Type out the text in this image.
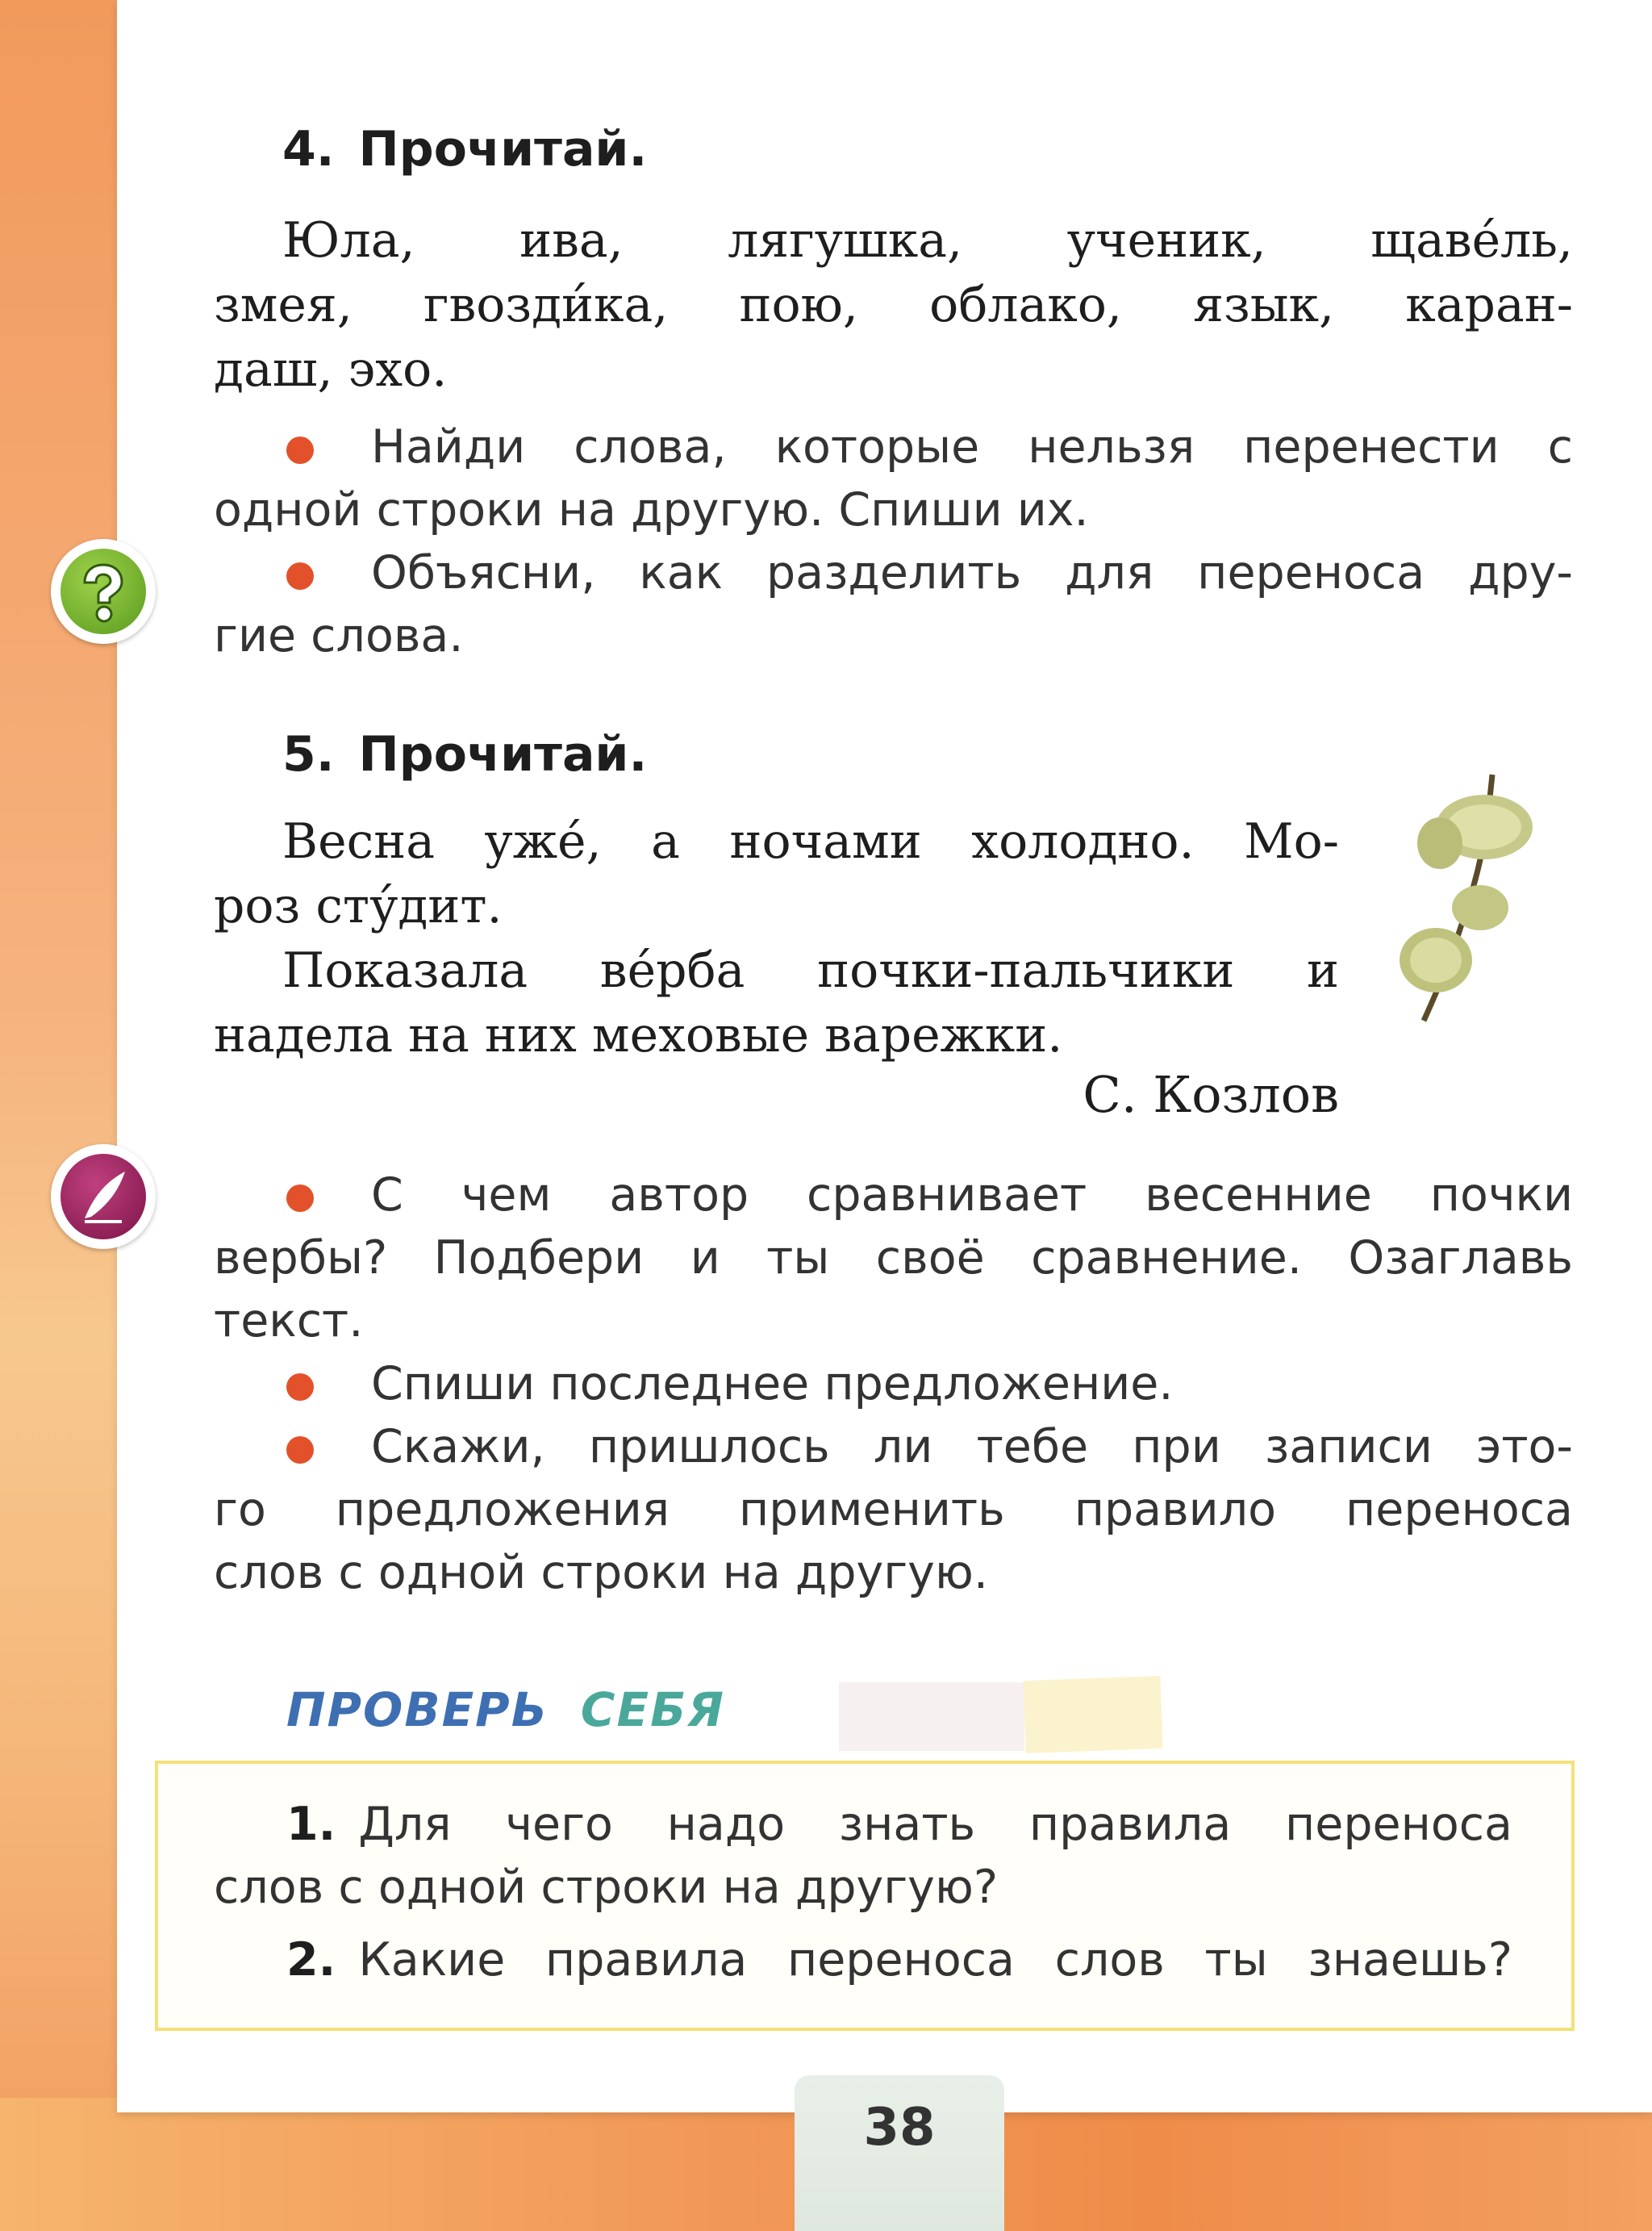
4. Прочитай.
Юла, ива, лягушка, ученик, щаве́ль,
змея, гвозди́ка, пою, облако, язык, каран-
даш, эхо.
Найди слова, которые нельзя перенести с
одной строки на другую. Спиши их.
Объясни, как разделить для переноса дру-
гие слова.
5. Прочитай.
Весна уже́, а ночами холодно. Мо-
роз сту́дит.
Показала ве́рба почки-пальчики и
надела на них меховые варежки.
С. Козлов
С чем автор сравнивает весенние почки
вербы? Подбери и ты своё сравнение. Озаглавь
текст.
Спиши последнее предложение.
Скажи, пришлось ли тебе при записи это-
го предложения применить правило переноса
слов с одной строки на другую.
ПРОВЕРЬ СЕБЯ
1. Для чего надо знать правила переноса
слов с одной строки на другую?
2. Какие правила переноса слов ты знаешь?
38
